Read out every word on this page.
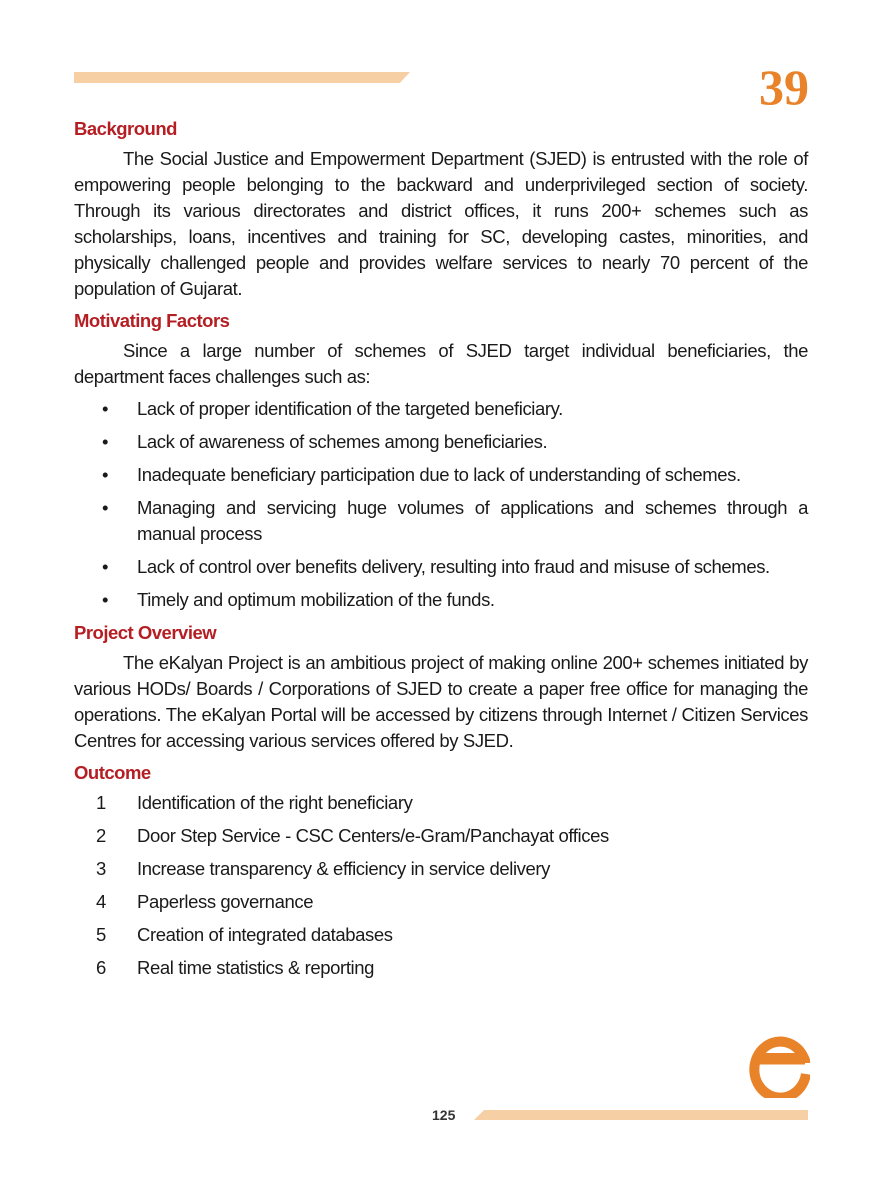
39
Background

The Social Justice and Empowerment Department (SJED) is entrusted with the role of empowering people belonging to the backward and underprivileged section of society. Through its various directorates and district offices, it runs 200+ schemes such as scholarships, loans, incentives and training for SC, developing castes, minorities, and physically challenged people and provides welfare services to nearly 70 percent of the population of Gujarat.

Motivating Factors

Since a large number of schemes of SJED target individual beneficiaries, the department faces challenges such as:

• Lack of proper identification of the targeted beneficiary.
• Lack of awareness of schemes among beneficiaries.
• Inadequate beneficiary participation due to lack of understanding of schemes.
• Managing and servicing huge volumes of applications and schemes through a manual process
• Lack of control over benefits delivery, resulting into fraud and misuse of schemes.
• Timely and optimum mobilization of the funds.
Project Overview

The eKalyan Project is an ambitious project of making online 200+ schemes initiated by various HODs/ Boards / Corporations of SJED to create a paper free office for managing the operations. The eKalyan Portal will be accessed by citizens through Internet / Citizen Services Centres for accessing various services offered by SJED.

Outcome
1 Identification of the right beneficiary
2 Door Step Service - CSC Centers/e-Gram/Panchayat offices
3 Increase transparency & efficiency in service delivery
4 Paperless governance
5 Creation of integrated databases
6 Real time statistics & reporting
125
